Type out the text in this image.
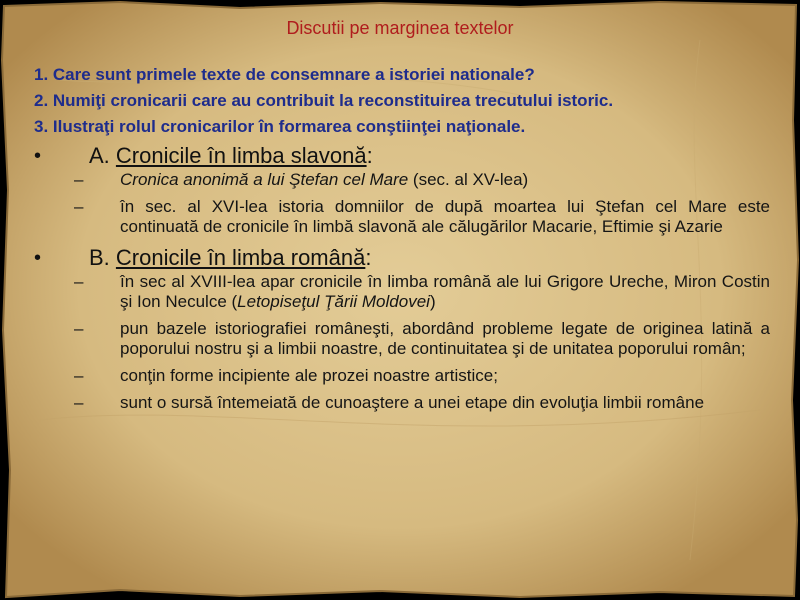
Discutii pe marginea textelor
1. Care sunt primele texte de consemnare a istoriei nationale?
2. Numiţi cronicarii care au contribuit la reconstituirea trecutului istoric.
3. Ilustraţi rolul cronicarilor în formarea conştiinţei naţionale.
• A. Cronicile în limba slavonă:
– Cronica anonimă a lui Ştefan cel Mare (sec. al XV-lea)
– în sec. al XVI-lea istoria domniilor de după moartea lui Ştefan cel Mare este continuată de cronicile în limbă slavonă ale călugărilor Macarie, Eftimie şi Azarie
• B. Cronicile în limba română:
– în sec al XVIII-lea apar cronicile în limba română ale lui Grigore Ureche, Miron Costin şi Ion Neculce (Letopiseţul Ţării Moldovei)
– pun bazele istoriografiei româneşti, abordând probleme legate de originea latină a poporului nostru şi a limbii noastre, de continuitatea şi de unitatea poporului român;
– conţin forme incipiente ale prozei noastre artistice;
– sunt o sursă întemeiată de cunoaştere a unei etape din evoluţia limbii române
